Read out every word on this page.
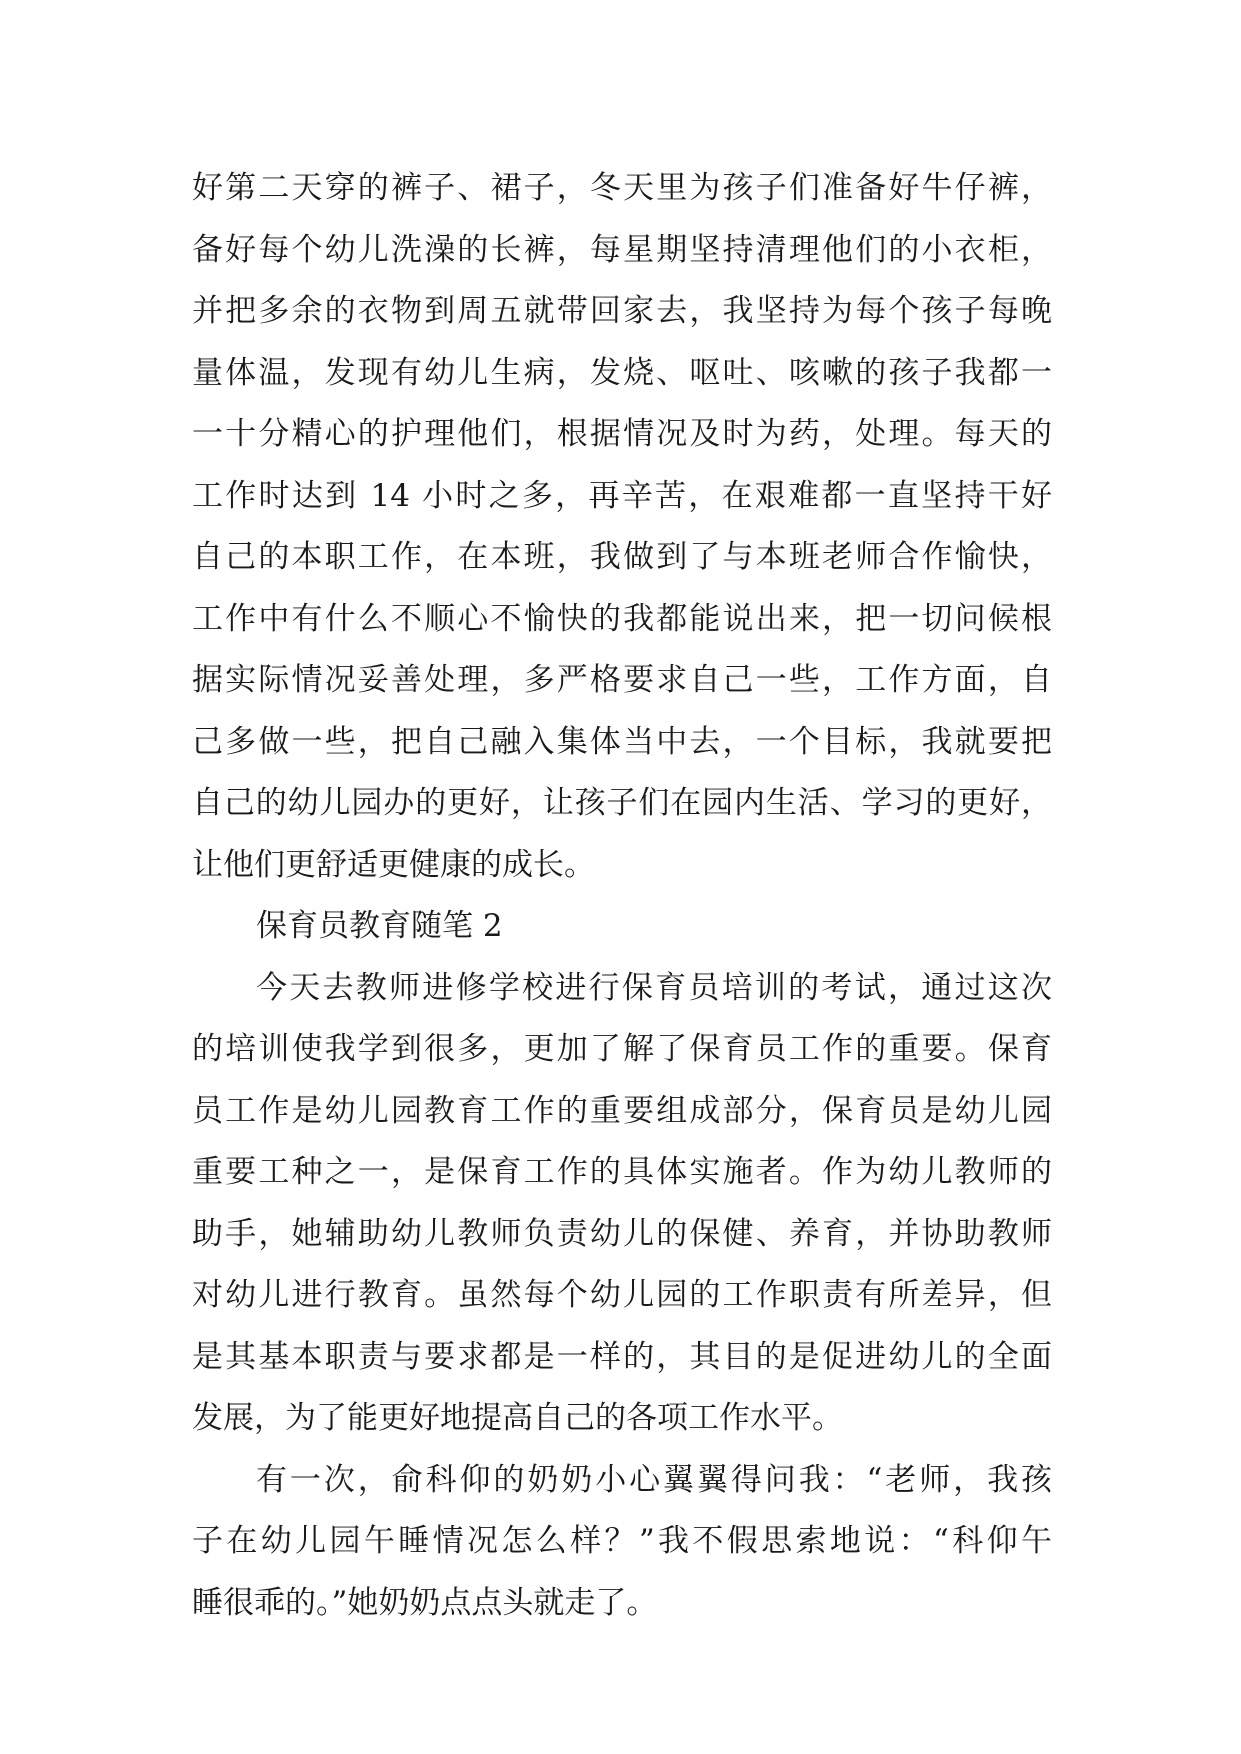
好第二天穿的裤子、裙子，冬天里为孩子们准备好牛仔裤，
备好每个幼儿洗澡的长裤，每星期坚持清理他们的小衣柜，
并把多余的衣物到周五就带回家去，我坚持为每个孩子每晚
量体温，发现有幼儿生病，发烧、呕吐、咳嗽的孩子我都一
一十分精心的护理他们，根据情况及时为药，处理。每天的
工作时达到 14 小时之多，再辛苦，在艰难都一直坚持干好
自己的本职工作，在本班，我做到了与本班老师合作愉快，
工作中有什么不顺心不愉快的我都能说出来，把一切问候根
据实际情况妥善处理，多严格要求自己一些，工作方面，自
己多做一些，把自己融入集体当中去，一个目标，我就要把
自己的幼儿园办的更好，让孩子们在园内生活、学习的更好，
让他们更舒适更健康的成长。
保育员教育随笔 2
今天去教师进修学校进行保育员培训的考试，通过这次
的培训使我学到很多，更加了解了保育员工作的重要。保育
员工作是幼儿园教育工作的重要组成部分，保育员是幼儿园
重要工种之一，是保育工作的具体实施者。作为幼儿教师的
助手，她辅助幼儿教师负责幼儿的保健、养育，并协助教师
对幼儿进行教育。虽然每个幼儿园的工作职责有所差异，但
是其基本职责与要求都是一样的，其目的是促进幼儿的全面
发展，为了能更好地提高自己的各项工作水平。
有一次，俞科仰的奶奶小心翼翼得问我：“老师，我孩
子在幼儿园午睡情况怎么样？”我不假思索地说：“科仰午
睡很乖的。”她奶奶点点头就走了。
